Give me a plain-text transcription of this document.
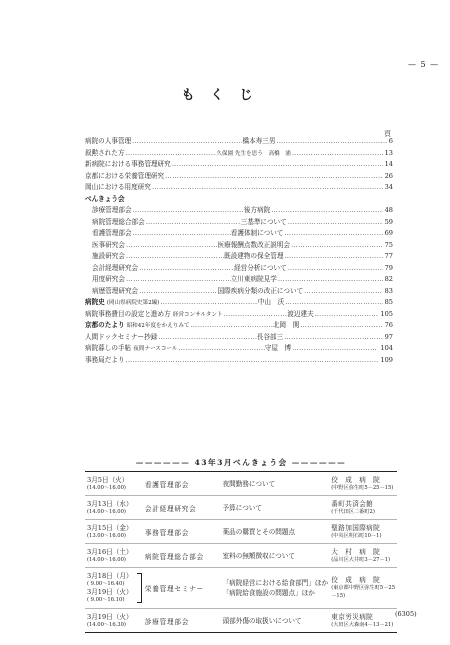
— 5 —
もくじ
頁
病院の人事管理 …………………………………………………………………………………………………………………………………………………………	橋本寿三男 …………………………………………………………………………………………………………………………………………………………	6
叙勲された方 …………………………………………………………………………………………………………………………………………………………	久保園 先生を思う　高橋　浦 …………………………………………………………………………………………………………………………………………………………	13
新病院における事務管理研究 …………………………………………………………………………………………………………………………………………………………	14
京都における栄養管理研究 …………………………………………………………………………………………………………………………………………………………	26
岡山における用度研究 …………………………………………………………………………………………………………………………………………………………	34
べんきょう会
診療管理部会 …………………………………………………………………………………………………………………………………………………………	後方病院 …………………………………………………………………………………………………………………………………………………………	48
病院管理総合部会 …………………………………………………………………………………………………………………………………………………………	三基準について …………………………………………………………………………………………………………………………………………………………	59
看護管理部会 …………………………………………………………………………………………………………………………………………………………	看護体制について …………………………………………………………………………………………………………………………………………………………	69
医事研究会 …………………………………………………………………………………………………………………………………………………………	医療報酬点数改正説明会 …………………………………………………………………………………………………………………………………………………………	75
施設研究会 …………………………………………………………………………………………………………………………………………………………	既設建物の保全管理 …………………………………………………………………………………………………………………………………………………………	77
会計経理研究会 …………………………………………………………………………………………………………………………………………………………	経営分析について …………………………………………………………………………………………………………………………………………………………	79
用度研究会 …………………………………………………………………………………………………………………………………………………………	立川東病院見学 …………………………………………………………………………………………………………………………………………………………	82
病歴管理研究会 …………………………………………………………………………………………………………………………………………………………	国際疾病分類の改正について …………………………………………………………………………………………………………………………………………………………	83
病院史 (岡山県病院史第2編) …………………………………………………………………………………………………………………………………………………………	中山　沃 …………………………………………………………………………………………………………………………………………………………	85
病院事務費目の設定と進め方 経営コンサルタント …………………………………………………………………………………………………………………………………………………………	渡辺建夫 …………………………………………………………………………………………………………………………………………………………	105
京都のたより 昭和42年度をかえりみて …………………………………………………………………………………………………………………………………………………………	北岡　関 …………………………………………………………………………………………………………………………………………………………	76
人間ドックセミナー抄録 …………………………………………………………………………………………………………………………………………………………	長谷部三 …………………………………………………………………………………………………………………………………………………………	97
病院暮しの手帖 夜間ナースコール …………………………………………………………………………………………………………………………………………………………	守屋　博 …………………………………………………………………………………………………………………………………………………………	104
事務局だより …………………………………………………………………………………………………………………………………………………………	109
—————— 43年3月べんきょう会 ——————
3月5日（火）
(14.00〜16.00)	看護管理部会	夜間勤務について	佼　成　病　院
(中野区弥生町5－25－15)
3月13日（水）
(14.00〜16.00)	会計経理研究会	予算について	番町共済会館
(千代田区二番町2)
3月15日（金）
(13.00〜16.00)	事務管理部会	薬品の購買とその問題点	聖路加国際病院
(中央区明石町10－1)
3月16日（土）
(14.00〜16.00)	病院管理総合部会	室料の無額徴収について	大　村　病　院
(品川区大井町3－27－1)
3月18日（月）
( 9.00〜16.40)
3月19日（火）
( 9.00〜16.10)
栄養管理セミナー
「病院経営における給食部門」ほか
「病院給食施設の問題点」ほか
佼　成　病　院
(東京都中野区弥生町5－25－15)
3月19日（火）
(14.00〜16.30)	診療管理部会	頭部外傷の取扱いについて	東京労災病院
(大田区大森南4－13－21)
(6305)
